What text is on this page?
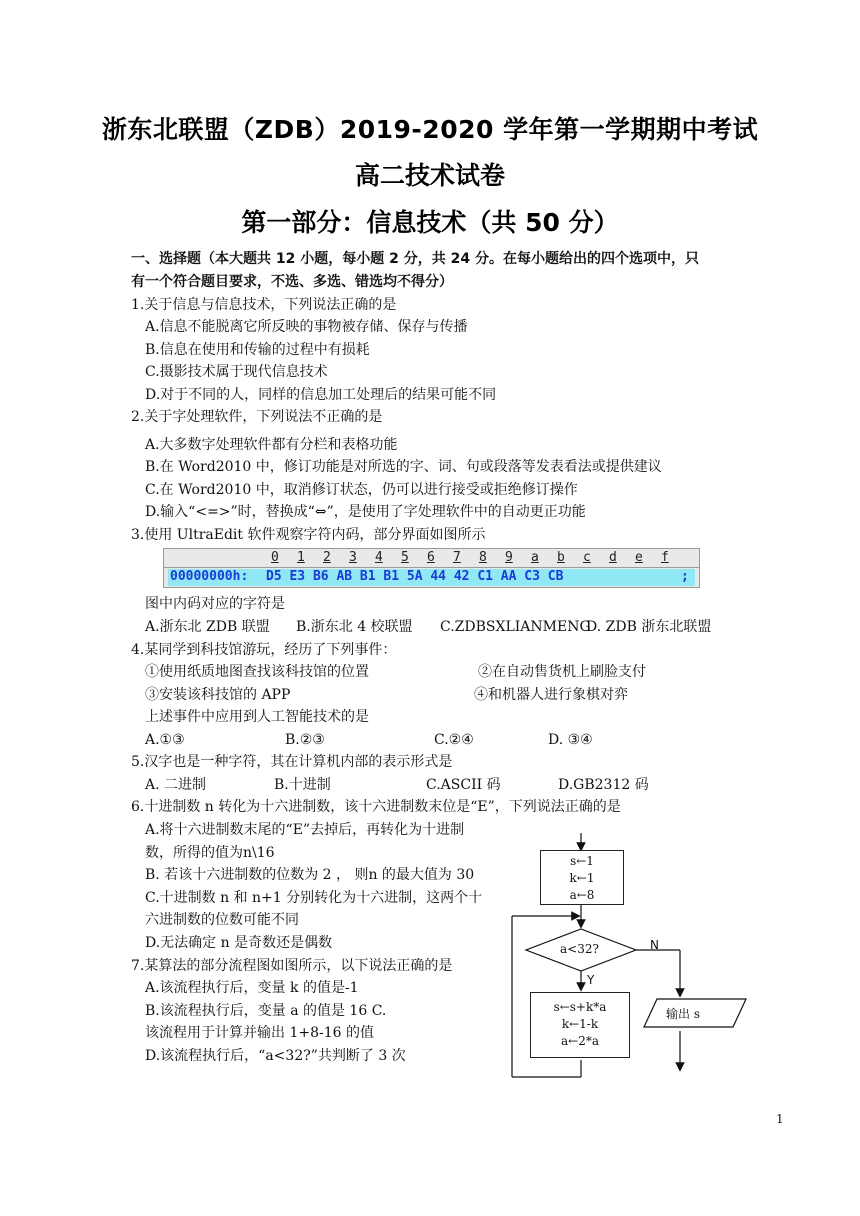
浙东北联盟（ZDB）2019-2020 学年第一学期期中考试
高二技术试卷
第一部分：信息技术（共 50 分）
一、选择题（本大题共 12 小题，每小题 2 分，共 24 分。在每小题给出的四个选项中，只
有一个符合题目要求，不选、多选、错选均不得分）
1.关于信息与信息技术，下列说法正确的是
A.信息不能脱离它所反映的事物被存储、保存与传播
B.信息在使用和传输的过程中有损耗
C.摄影技术属于现代信息技术
D.对于不同的人，同样的信息加工处理后的结果可能不同
2.关于字处理软件，下列说法不正确的是
A.大多数字处理软件都有分栏和表格功能
B.在 Word2010 中，修订功能是对所选的字、词、句或段落等发表看法或提供建议
C.在 Word2010 中，取消修订状态，仍可以进行接受或拒绝修订操作
D.输入“<=>”时，替换成“⇔”，是使用了字处理软件中的自动更正功能
3.使用 UltraEdit 软件观察字符内码，部分界面如图所示
0 1 2 3 4 5 6 7 8 9 a b c d e f
00000000h: D5 E3 B6 AB B1 B1 5A 44 42 C1 AA C3 CB	;
图中内码对应的字符是
A.浙东北 ZDB 联盟 B.浙东北 4 校联盟 C.ZDBSXLIANMENG
D. ZDB 浙东北联盟
4.某同学到科技馆游玩，经历了下列事件：
①使用纸质地图查找该科技馆的位置	②在自动售货机上刷脸支付
③安装该科技馆的 APP	④和机器人进行象棋对弈
上述事件中应用到人工智能技术的是
A.①③	B.②③	C.②④	D. ③④
5.汉字也是一种字符，其在计算机内部的表示形式是
A. 二进制	B.十进制	C.ASCII 码	D.GB2312 码
6.十进制数 n 转化为十六进制数，该十六进制数末位是“E”，下列说法正确的是
A.将十六进制数末尾的“E”去掉后，再转化为十进制
数，所得的值为n\16
B. 若该十六进制数的位数为 2 ， 则n 的最大值为 30
C.十进制数 n 和 n+1 分别转化为十六进制，这两个十
六进制数的位数可能不同
D.无法确定 n 是奇数还是偶数
7.某算法的部分流程图如图所示，以下说法正确的是
A.该流程执行后，变量 k 的值是-1
B.该流程执行后，变量 a 的值是 16 C.
该流程用于计算并输出 1+8-16 的值
D.该流程执行后，“a<32?”共判断了 3 次
s←1
k←1
a←8
a<32?	N
Y
s←s+k*a
k←1-k
a←2*a
输出 s
1
